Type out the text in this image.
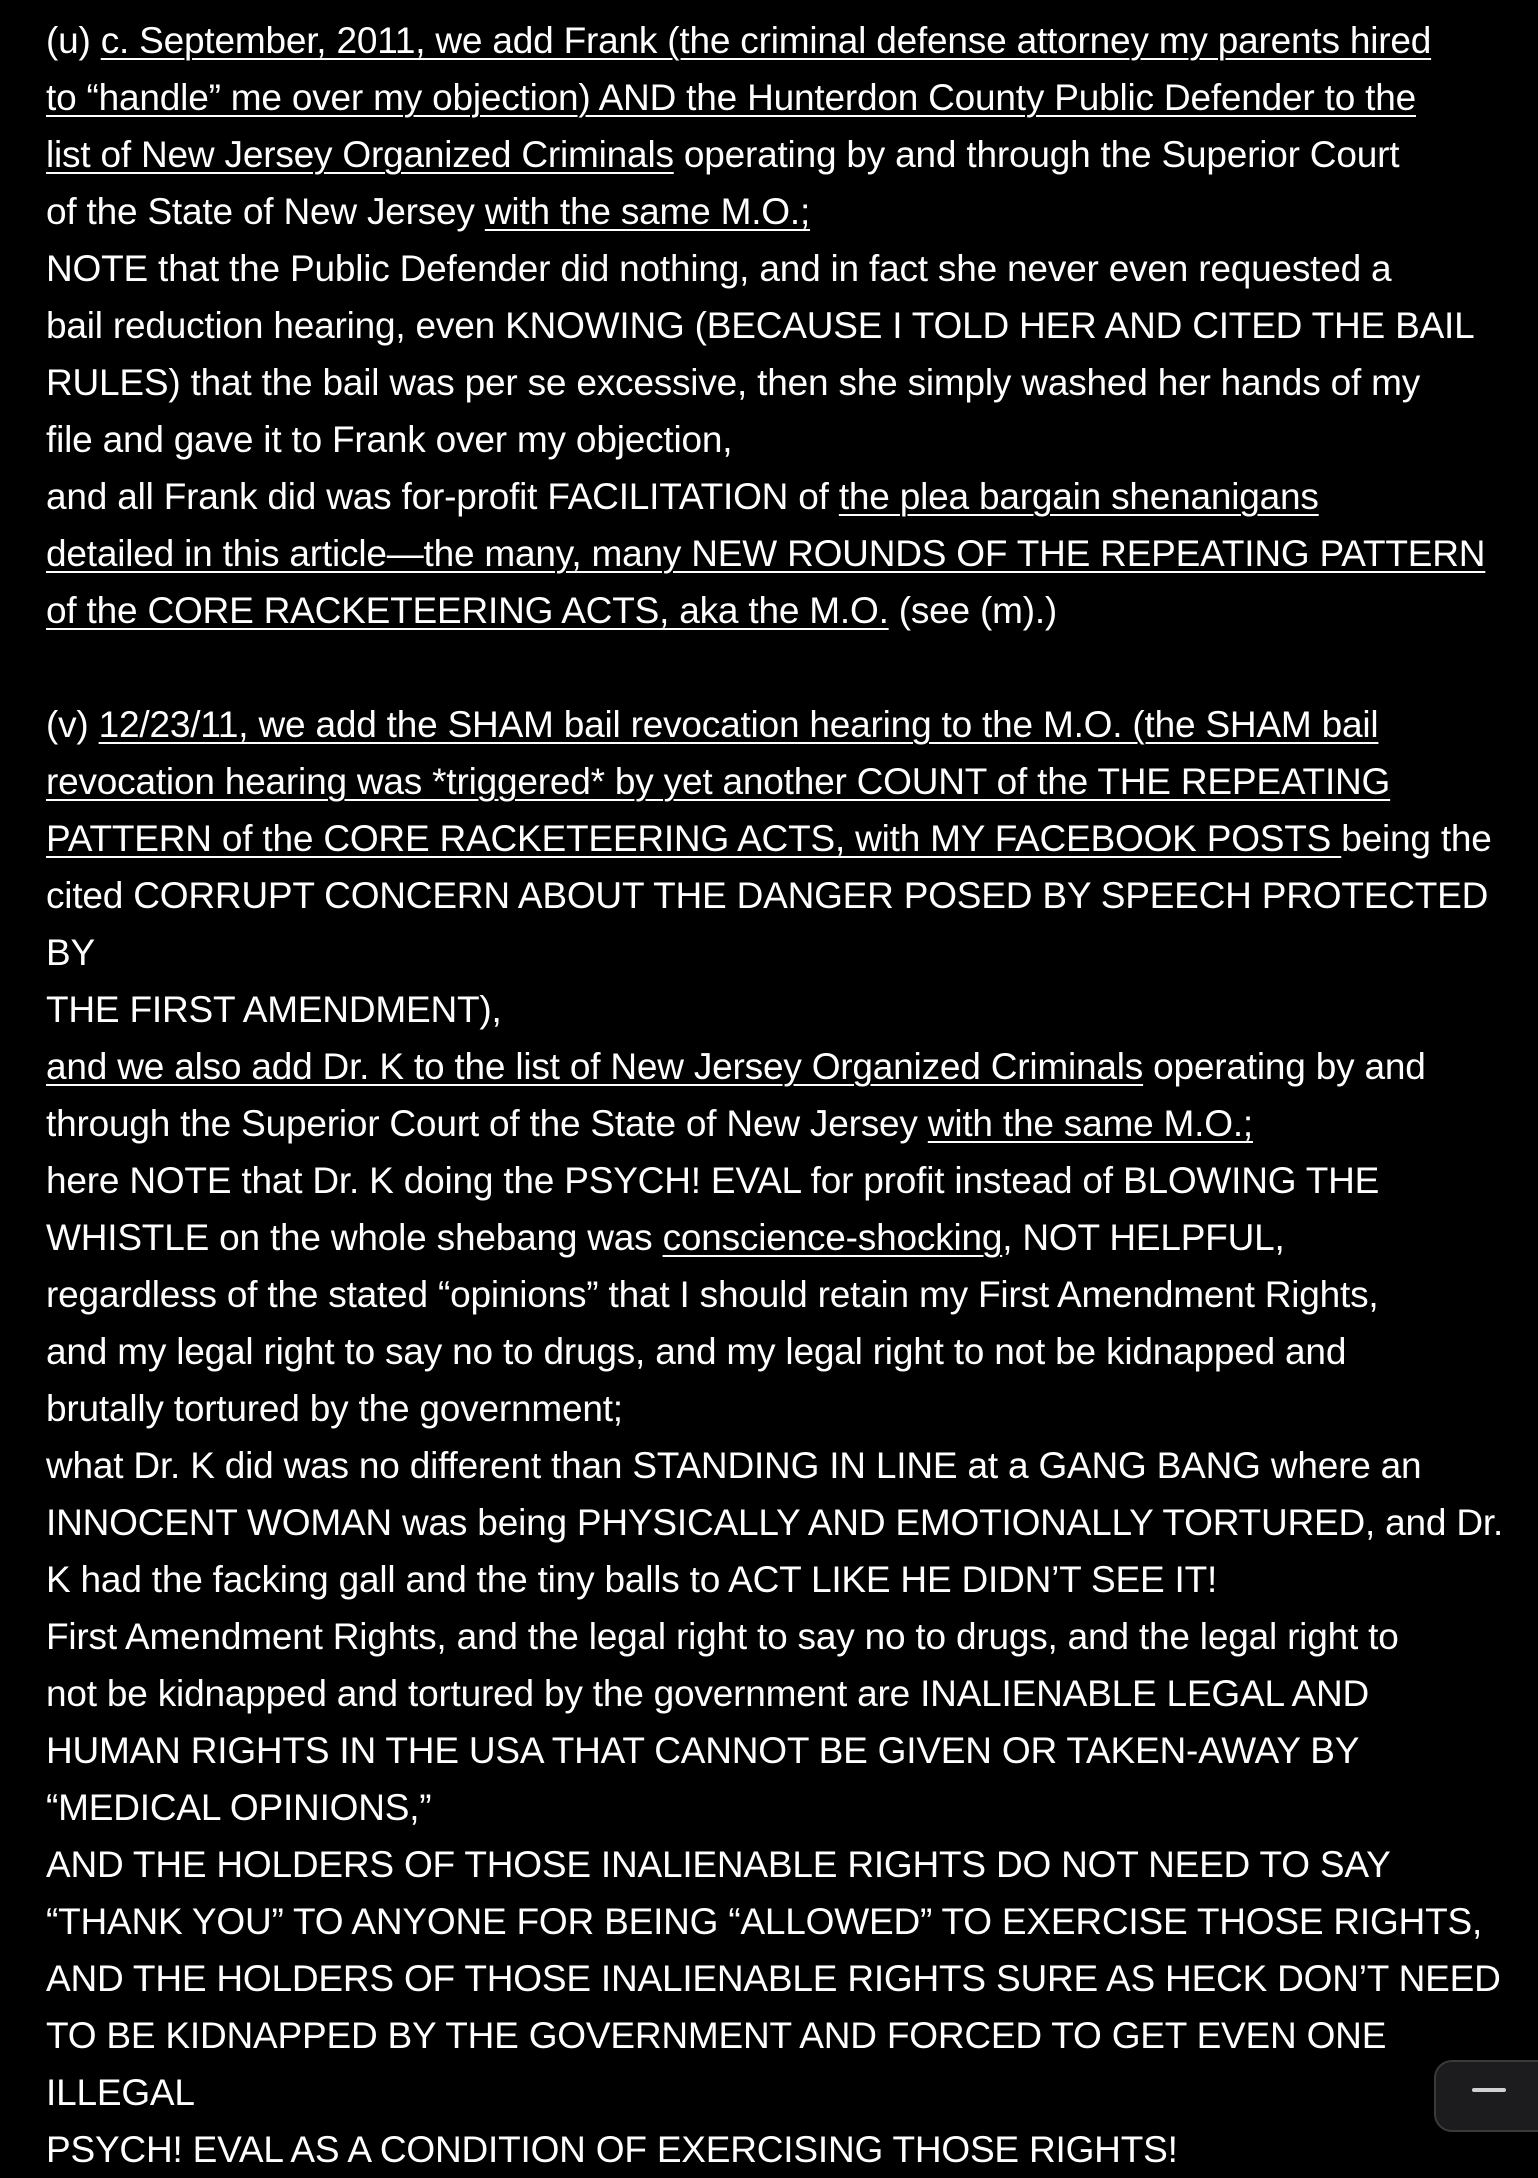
(u) c. September, 2011, we add Frank (the criminal defense attorney my parents hired
to “handle” me over my objection) AND the Hunterdon County Public Defender to the
list of New Jersey Organized Criminals operating by and through the Superior Court
of the State of New Jersey with the same M.O.;
NOTE that the Public Defender did nothing, and in fact she never even requested a
bail reduction hearing, even KNOWING (BECAUSE I TOLD HER AND CITED THE BAIL
RULES) that the bail was per se excessive, then she simply washed her hands of my
file and gave it to Frank over my objection,
and all Frank did was for-profit FACILITATION of the plea bargain shenanigans
detailed in this article—the many, many NEW ROUNDS OF THE REPEATING PATTERN
of the CORE RACKETEERING ACTS, aka the M.O. (see (m).)

(v) 12/23/11, we add the SHAM bail revocation hearing to the M.O. (the SHAM bail
revocation hearing was *triggered* by yet another COUNT of the THE REPEATING
PATTERN of the CORE RACKETEERING ACTS, with MY FACEBOOK POSTS being the
cited CORRUPT CONCERN ABOUT THE DANGER POSED BY SPEECH PROTECTED BY
THE FIRST AMENDMENT),
and we also add Dr. K to the list of New Jersey Organized Criminals operating by and
through the Superior Court of the State of New Jersey with the same M.O.;
here NOTE that Dr. K doing the PSYCH! EVAL for profit instead of BLOWING THE
WHISTLE on the whole shebang was conscience-shocking, NOT HELPFUL,
regardless of the stated “opinions” that I should retain my First Amendment Rights,
and my legal right to say no to drugs, and my legal right to not be kidnapped and
brutally tortured by the government;
what Dr. K did was no different than STANDING IN LINE at a GANG BANG where an
INNOCENT WOMAN was being PHYSICALLY AND EMOTIONALLY TORTURED, and Dr.
K had the facking gall and the tiny balls to ACT LIKE HE DIDN’T SEE IT!
First Amendment Rights, and the legal right to say no to drugs, and the legal right to
not be kidnapped and tortured by the government are INALIENABLE LEGAL AND
HUMAN RIGHTS IN THE USA THAT CANNOT BE GIVEN OR TAKEN-AWAY BY
“MEDICAL OPINIONS,”
AND THE HOLDERS OF THOSE INALIENABLE RIGHTS DO NOT NEED TO SAY
“THANK YOU” TO ANYONE FOR BEING “ALLOWED” TO EXERCISE THOSE RIGHTS,
AND THE HOLDERS OF THOSE INALIENABLE RIGHTS SURE AS HECK DON’T NEED
TO BE KIDNAPPED BY THE GOVERNMENT AND FORCED TO GET EVEN ONE ILLEGAL
PSYCH! EVAL AS A CONDITION OF EXERCISING THOSE RIGHTS!
